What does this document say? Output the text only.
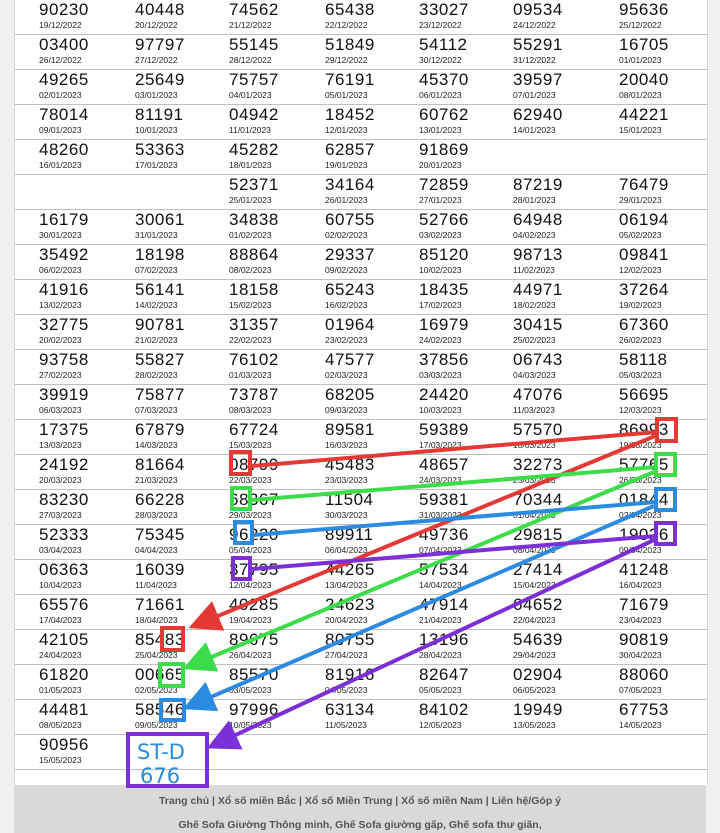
90230
19/12/2022
40448
20/12/2022
74562
21/12/2022
65438
22/12/2022
33027
23/12/2022
09534
24/12/2022
95636
25/12/2022
03400
26/12/2022
97797
27/12/2022
55145
28/12/2022
51849
29/12/2022
54112
30/12/2022
55291
31/12/2022
16705
01/01/2023
49265
02/01/2023
25649
03/01/2023
75757
04/01/2023
76191
05/01/2023
45370
06/01/2023
39597
07/01/2023
20040
08/01/2023
78014
09/01/2023
81191
10/01/2023
04942
11/01/2023
18452
12/01/2023
60762
13/01/2023
62940
14/01/2023
44221
15/01/2023
48260
16/01/2023
53363
17/01/2023
45282
18/01/2023
62857
19/01/2023
91869
20/01/2023
52371
25/01/2023
34164
26/01/2023
72859
27/01/2023
87219
28/01/2023
76479
29/01/2023
16179
30/01/2023
30061
31/01/2023
34838
01/02/2023
60755
02/02/2023
52766
03/02/2023
64948
04/02/2023
06194
05/02/2023
35492
06/02/2023
18198
07/02/2023
88864
08/02/2023
29337
09/02/2023
85120
10/02/2023
98713
11/02/2023
09841
12/02/2023
41916
13/02/2023
56141
14/02/2023
18158
15/02/2023
65243
16/02/2023
18435
17/02/2023
44971
18/02/2023
37264
19/02/2023
32775
20/02/2023
90781
21/02/2023
31357
22/02/2023
01964
23/02/2023
16979
24/02/2023
30415
25/02/2023
67360
26/02/2023
93758
27/02/2023
55827
28/02/2023
76102
01/03/2023
47577
02/03/2023
37856
03/03/2023
06743
04/03/2023
58118
05/03/2023
39919
06/03/2023
75877
07/03/2023
73787
08/03/2023
68205
09/03/2023
24420
10/03/2023
47076
11/03/2023
56695
12/03/2023
17375
13/03/2023
67879
14/03/2023
67724
15/03/2023
89581
16/03/2023
59389
17/03/2023
57570
18/03/2023
86993
19/03/2023
24192
20/03/2023
81664
21/03/2023
08799
22/03/2023
45483
23/03/2023
48657
24/03/2023
32273
25/03/2023
57765
26/03/2023
83230
27/03/2023
66228
28/03/2023
68367
29/03/2023
11504
30/03/2023
59381
31/03/2023
70344
01/04/2023
01844
02/04/2023
52333
03/04/2023
75345
04/04/2023
96220
05/04/2023
89911
06/04/2023
49736
07/04/2023
29815
08/04/2023
19026
09/04/2023
06363
10/04/2023
16039
11/04/2023
37795
12/04/2023
44265
13/04/2023
57534
14/04/2023
27414
15/04/2023
41248
16/04/2023
65576
17/04/2023
71661
18/04/2023
40285
19/04/2023
24623
20/04/2023
47914
21/04/2023
64652
22/04/2023
71679
23/04/2023
42105
24/04/2023
85483
25/04/2023
89675
26/04/2023
80755
27/04/2023
13196
28/04/2023
54639
29/04/2023
90819
30/04/2023
61820
01/05/2023
00665
02/05/2023
85570
03/05/2023
81916
04/05/2023
82647
05/05/2023
02904
06/05/2023
88060
07/05/2023
44481
08/05/2023
58546
09/05/2023
97996
10/05/2023
63134
11/05/2023
84102
12/05/2023
19949
13/05/2023
67753
14/05/2023
90956
15/05/2023
Trang chủ | Xổ số miền Bắc | Xổ số Miền Trung | Xổ số miền Nam | Liên hệ/Góp ý
Ghế Sofa Giường Thông minh, Ghế Sofa giường gấp, Ghế sofa thư giãn,
ST-D
676
